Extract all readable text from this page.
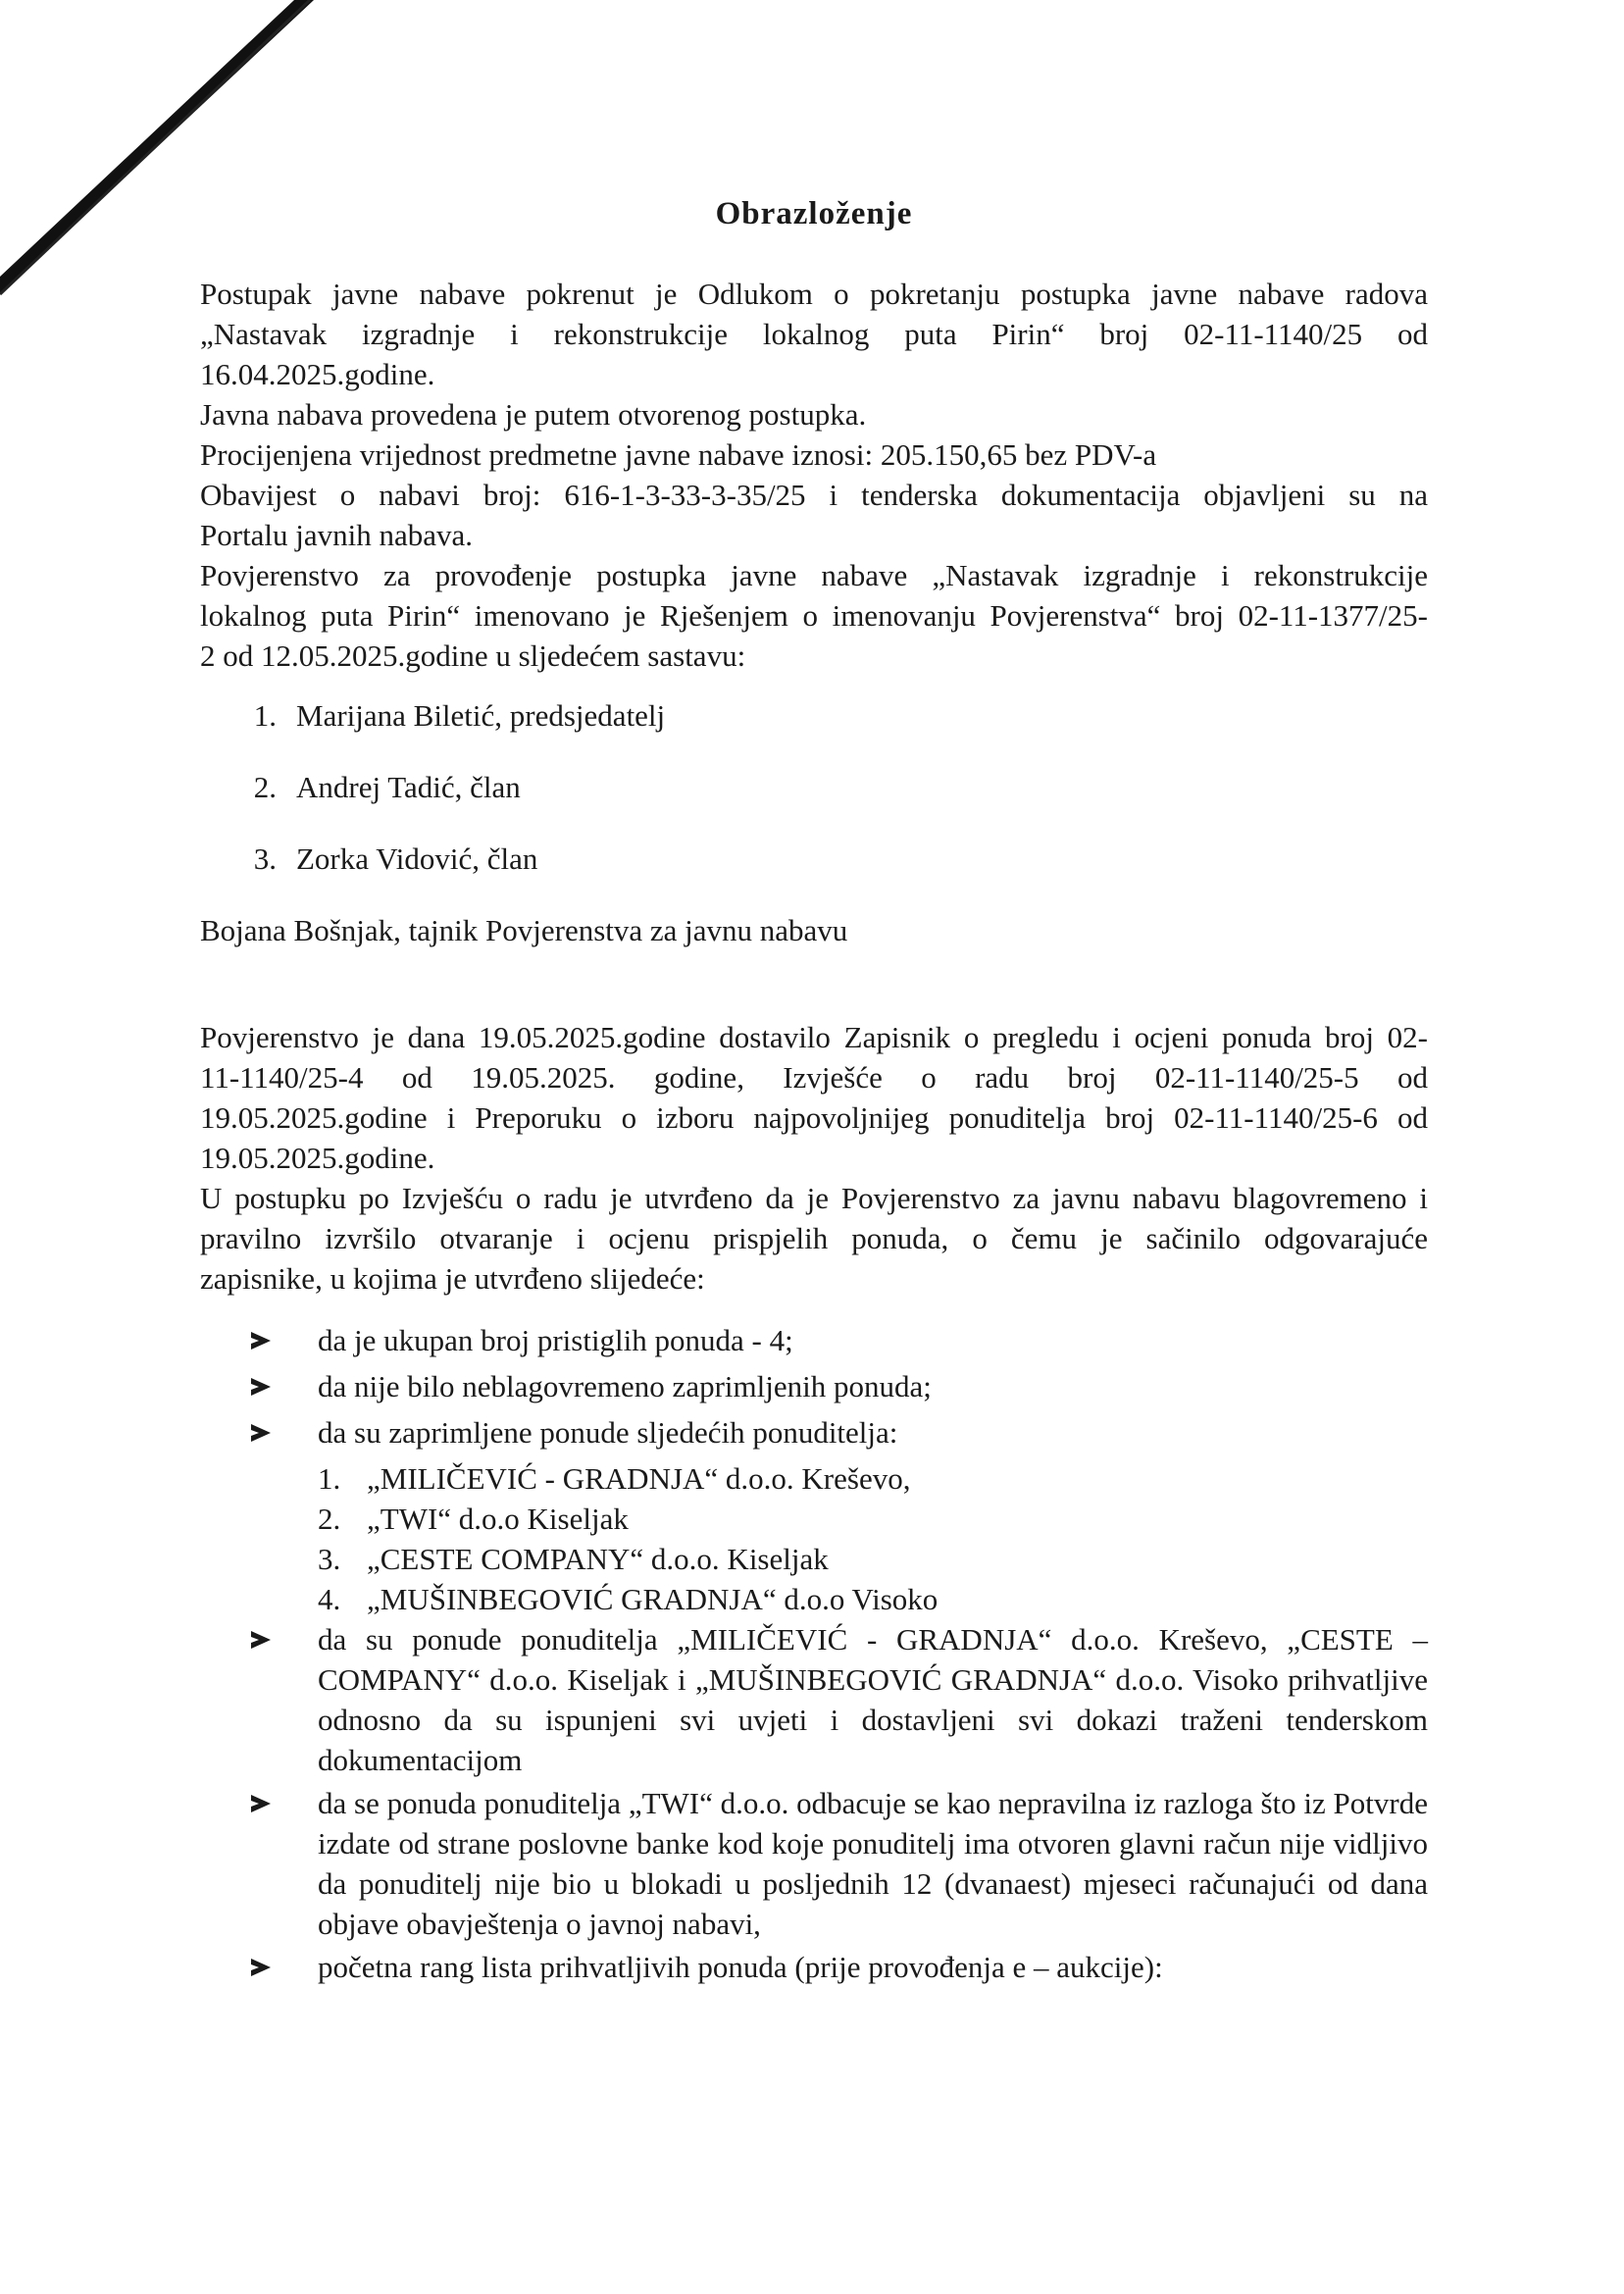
Obrazloženje

Postupak javne nabave pokrenut je Odlukom o pokretanju postupka javne nabave radova

„Nastavak izgradnje i rekonstrukcije lokalnog puta Pirin“ broj 02-11-1140/25 od

16.04.2025.godine.

Javna nabava provedena je putem otvorenog postupka.

Procijenjena vrijednost predmetne javne nabave iznosi: 205.150,65 bez PDV-a

Obavijest o nabavi broj: 616-1-3-33-3-35/25 i tenderska dokumentacija objavljeni su na

Portalu javnih nabava.

Povjerenstvo za provođenje postupka javne nabave „Nastavak izgradnje i rekonstrukcije

lokalnog puta Pirin“ imenovano je Rješenjem o imenovanju Povjerenstva“ broj 02-11-1377/25-

2 od 12.05.2025.godine u sljedećem sastavu:

1. Marijana Biletić, predsjedatelj
2. Andrej Tadić, član
3. Zorka Vidović, član

Bojana Bošnjak, tajnik Povjerenstva za javnu nabavu

Povjerenstvo je dana 19.05.2025.godine dostavilo Zapisnik o pregledu i ocjeni ponuda broj 02-

11-1140/25-4 od 19.05.2025. godine, Izvješće o radu broj 02-11-1140/25-5 od

19.05.2025.godine i Preporuku o izboru najpovoljnijeg ponuditelja broj 02-11-1140/25-6 od

19.05.2025.godine.

U postupku po Izvješću o radu je utvrđeno da je Povjerenstvo za javnu nabavu blagovremeno i

pravilno izvršilo otvaranje i ocjenu prispjelih ponuda, o čemu je sačinilo odgovarajuće

zapisnike, u kojima je utvrđeno slijedeće:

da je ukupan broj pristiglih ponuda - 4;
da nije bilo neblagovremeno zaprimljenih ponuda;
da su zaprimljene ponude sljedećih ponuditelja:
1. „MILIČEVIĆ - GRADNJA“ d.o.o. Kreševo,
2. „TWI“ d.o.o Kiseljak
3. „CESTE COMPANY“ d.o.o. Kiseljak
4. „MUŠINBEGOVIĆ GRADNJA“ d.o.o Visoko
da su ponude ponuditelja „MILIČEVIĆ - GRADNJA“ d.o.o. Kreševo, „CESTE – COMPANY“ d.o.o. Kiseljak i „MUŠINBEGOVIĆ GRADNJA“ d.o.o. Visoko prihvatljive odnosno da su ispunjeni svi uvjeti i dostavljeni svi dokazi traženi tenderskom dokumentacijom
da se ponuda ponuditelja „TWI“ d.o.o. odbacuje se kao nepravilna iz razloga što iz Potvrde izdate od strane poslovne banke kod koje ponuditelj ima otvoren glavni račun nije vidljivo da ponuditelj nije bio u blokadi u posljednih 12 (dvanaest) mjeseci računajući od dana objave obavještenja o javnoj nabavi,
početna rang lista prihvatljivih ponuda (prije provođenja e – aukcije):
